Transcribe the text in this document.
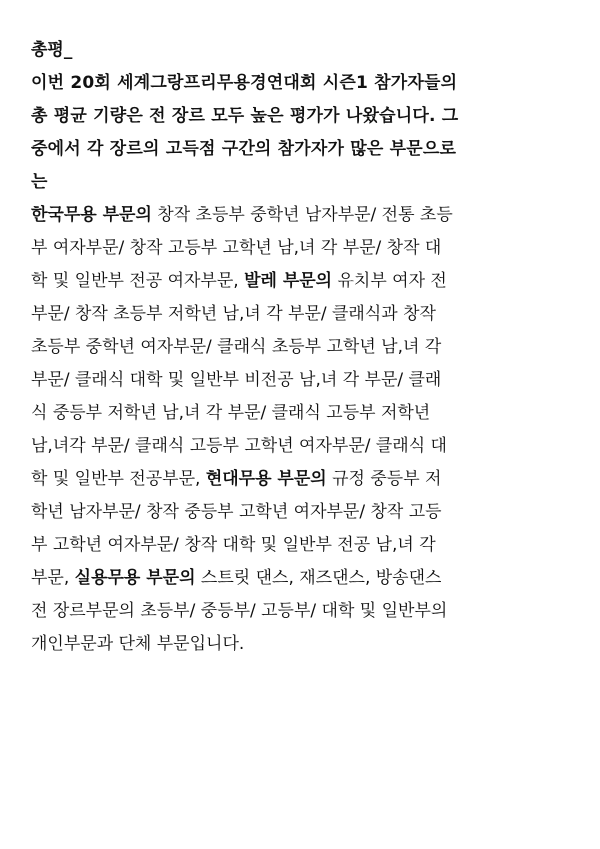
총평_
이번 20회 세계그랑프리무용경연대회 시즌1 참가자들의
총 평균 기량은 전 장르 모두 높은 평가가 나왔습니다. 그
중에서 각 장르의 고득점 구간의 참가자가 많은 부문으로
는
한국무용 부문의 창작 초등부 중학년 남자부문/ 전통 초등
부 여자부문/ 창작 고등부 고학년 남,녀 각 부문/ 창작 대
학 및 일반부 전공 여자부문, 발레 부문의 유치부 여자 전
부문/ 창작 초등부 저학년 남,녀 각 부문/ 클래식과 창작
초등부 중학년 여자부문/ 클래식 초등부 고학년 남,녀 각
부문/ 클래식 대학 및 일반부 비전공 남,녀 각 부문/ 클래
식 중등부 저학년 남,녀 각 부문/ 클래식 고등부 저학년
남,녀각 부문/ 클래식 고등부 고학년 여자부문/ 클래식 대
학 및 일반부 전공부문, 현대무용 부문의 규정 중등부 저
학년 남자부문/ 창작 중등부 고학년 여자부문/ 창작 고등
부 고학년 여자부문/ 창작 대학 및 일반부 전공 남,녀 각
부문, 실용무용 부문의 스트릿 댄스, 재즈댄스, 방송댄스
전 장르부문의 초등부/ 중등부/ 고등부/ 대학 및 일반부의
개인부문과 단체 부문입니다.
